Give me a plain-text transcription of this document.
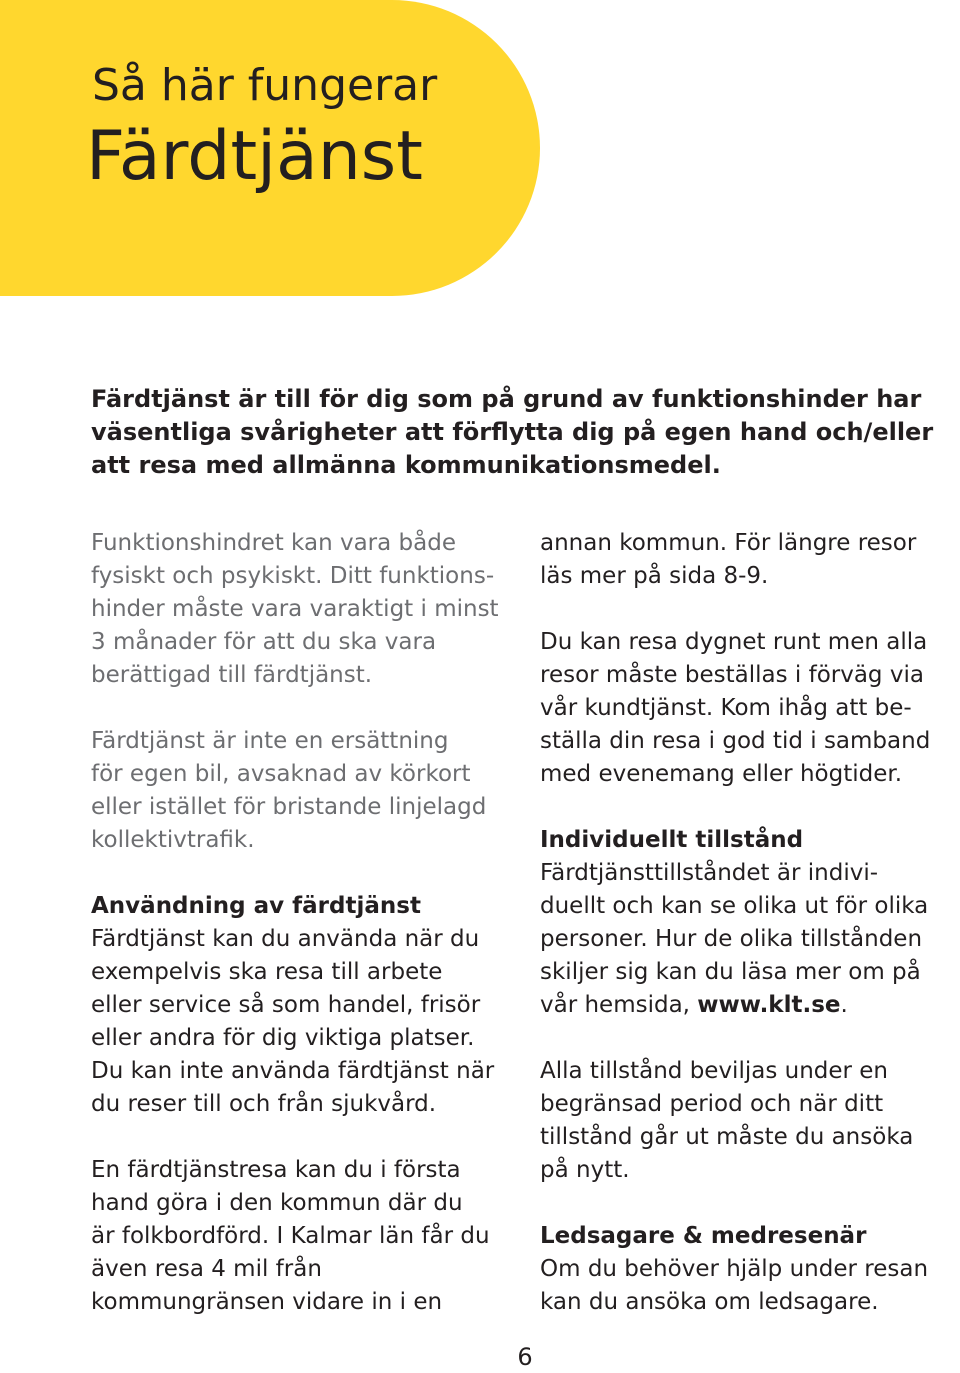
Så här fungerar
Färdtjänst

Färdtjänst är till för dig som på grund av funktionshinder har
väsentliga svårigheter att förflytta dig på egen hand och/eller
att resa med allmänna kommunikationsmedel.

Funktionshindret kan vara både
fysiskt och psykiskt. Ditt funktions-
hinder måste vara varaktigt i minst
3 månader för att du ska vara
berättigad till färdtjänst.

Färdtjänst är inte en ersättning
för egen bil, avsaknad av körkort
eller istället för bristande linjelagd
kollektivtrafik.

Användning av färdtjänst
Färdtjänst kan du använda när du
exempelvis ska resa till arbete
eller service så som handel, frisör
eller andra för dig viktiga platser.
Du kan inte använda färdtjänst när
du reser till och från sjukvård.

En färdtjänstresa kan du i första
hand göra i den kommun där du
är folkbordförd. I Kalmar län får du
även resa 4 mil från
kommungränsen vidare in i en

annan kommun. För längre resor
läs mer på sida 8-9.

Du kan resa dygnet runt men alla
resor måste beställas i förväg via
vår kundtjänst. Kom ihåg att be-
ställa din resa i god tid i samband
med evenemang eller högtider.

Individuellt tillstånd
Färdtjänsttillståndet är indivi-
duellt och kan se olika ut för olika
personer. Hur de olika tillstånden
skiljer sig kan du läsa mer om på
vår hemsida, www.klt.se.

Alla tillstånd beviljas under en
begränsad period och när ditt
tillstånd går ut måste du ansöka
på nytt.

Ledsagare & medresenär
Om du behöver hjälp under resan
kan du ansöka om ledsagare.

6
